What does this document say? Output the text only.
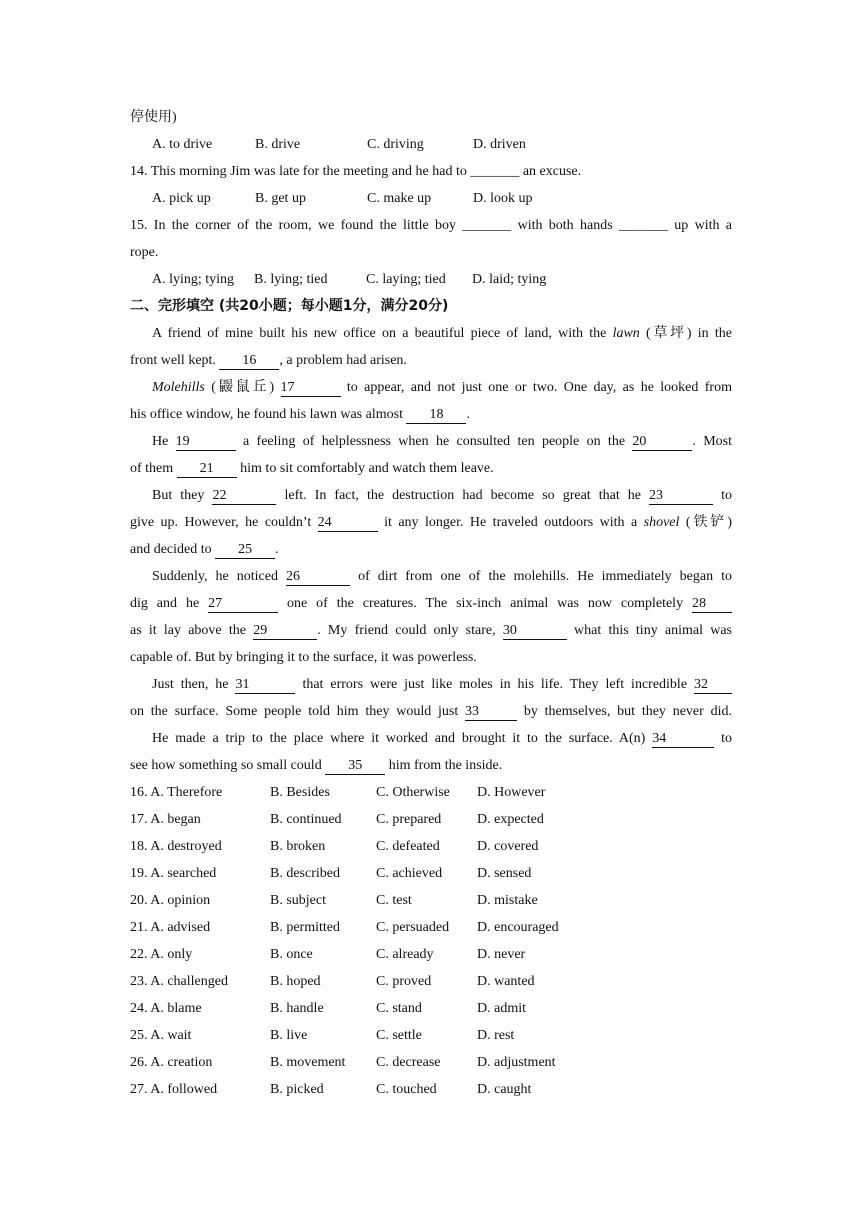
停使用)
A. to drive	B. drive	C. driving	D. driven
14. This morning Jim was late for the meeting and he had to _______ an excuse.
A. pick up	B. get up	C. make up	D. look up
15. In the corner of the room, we found the little boy _______ with both hands _______ up with a
rope.
A. lying; tying B. lying; tied	C. laying; tied D. laid; tying
二、完形填空 (共20小题；每小题1分，满分20分)
A friend of mine built his new office on a beautiful piece of land, with the lawn (草坪) in the
front well kept. 16 , a problem had arisen.
Molehills (鼹鼠丘) 17	to appear, and not just one or two. One day, as he looked from
his office window, he found his lawn was almost 18 .
He 19	a feeling of helplessness when he consulted ten people on the 20	. Most
of them 21 him to sit comfortably and watch them leave.
But they 22	left. In fact, the destruction had become so great that he 23	to
give up. However, he couldn’t 24	it any longer. He traveled outdoors with a shovel (铁铲)
and decided to 25 .
Suddenly, he noticed 26	of dirt from one of the molehills. He immediately began to
dig and he 27	one of the creatures. The six-inch animal was now completely 28
as it lay above the 29	. My friend could only stare, 30	what this tiny animal was
capable of. But by bringing it to the surface, it was powerless.
Just then, he 31	that errors were just like moles in his life. They left incredible 32
on the surface. Some people told him they would just 33	by themselves, but they never did.
He made a trip to the place where it worked and brought it to the surface. A(n) 34	to
see how something so small could 35 him from the inside.
16. A. Therefore	B. Besides	C. Otherwise D. However
17. A. began	B. continued C. prepared	D. expected
18. A. destroyed	B. broken	C. defeated	D. covered
19. A. searched	B. described	C. achieved D. sensed
20. A. opinion	B. subject	C. test	D. mistake
21. A. advised	B. permitted	C. persuaded D. encouraged
22. A. only	B. once	C. already	D. never
23. A. challenged	B. hoped	C. proved	D. wanted
24. A. blame	B. handle	C. stand	D. admit
25. A. wait	B. live	C. settle	D. rest
26. A. creation	B. movement C. decrease	D. adjustment
27. A. followed	B. picked	C. touched	D. caught
